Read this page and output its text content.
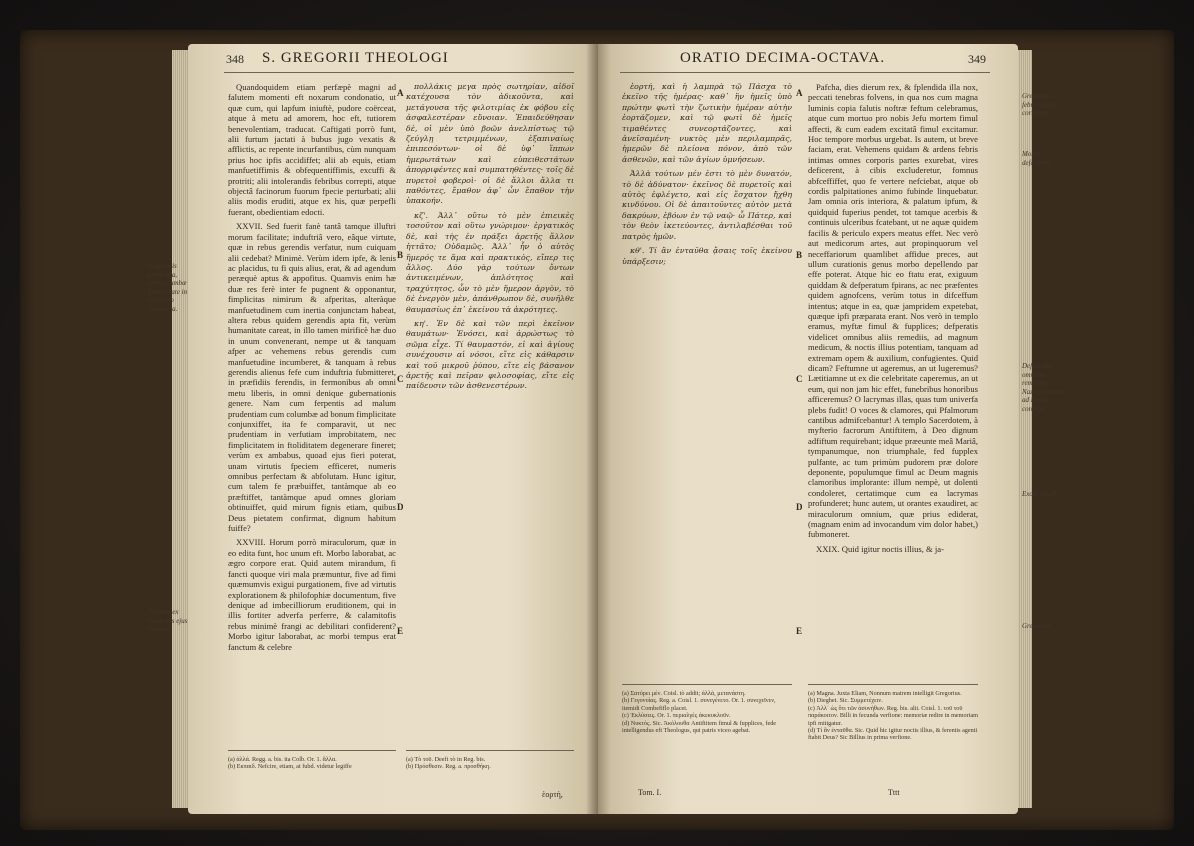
348 S. GREGORII THEOLOGI

Quandoquidem etiam perfæpè magni ad falutem momenti eft noxarum condonatio, ut quæ cum, qui lapfum iniuftè, pudore coërceat, atque à metu ad amorem, hoc eft, tutiorem benevolentiam, traducat. Caftigati porrò funt, alii furtum jactati à bubus jugo vexatis & afflictis, ac repente incurfantibus, cùm nunquam prius hoc ipfis accidiffet; alii ab equis, etiam manfuetiffimis & obfequentiffimis, excuffi & protriti; alii intolerandis febribus correpti, atque objectâ facinorum fuorum fpecie perturbati; alii aliis modis eruditi, atque ex his, quæ perpefli fuerant, obedientiam edocti.

XXVII. Sed fuerit fanè tantâ tamque illuftri morum facilitate; induftriâ vero, eâque virtute, quæ in rebus gerendis verfatur, num cuiquam alii cedebat? Minimè. Verùm idem ipfe, & lenis ac placidus, tu fi quis alius, erat, & ad agendum peræquè aptus & appofitus. Quamvis enim hæ duæ res ferè inter fe pugnent & opponantur, fimplicitas nimirum & afperitas, alteràque manfuetudinem cum inertia conjunctam habeat, altera rebus quidem gerendis apta fit, verùm humanitate careat, in illo tamen mirificè hæ duo in unum convenerant, nempe ut & tanquam afper ac vehemens rebus gerendis cum manfuetudine incumberet, & tanquam à rebus gerendis alienus fefe cum induftria fubmitteret, in præfidiis ferendis, in fermonibus ab omni metu liberis, in omni denique gubernationis genere. Nam cum ferpentis ad malum prudentiam cum columbæ ad bonum fimplicitate conjunxiffet, ita fe comparavit, ut nec prudentiam in verfutiam improbitatem, nec fimplicitatem in ftoliditatem degenerare fineret; verùm ex ambabus, quoad ejus fieri poterat, unam virtutis fpeciem efficeret, numeris omnibus perfectam & abfolutam. Hunc igitur, cum talem fe præbuiffet, tantàmque ab eo præftiffet, tantàmque apud omnes gloriam obtinuiffet, quid mirum fignis etiam, quibus Deus pietatem confirmat, dignum habitum fuiffe?

XXVIII. Horum porrò miraculorum, quæ in eo edita funt, hoc unum eft. Morbo laborabat, ac ægro corpore erat. Quid autem mirandum, fi fancti quoque viri mala præmuntur, five ad fimi quæmumvis exigui purgationem, five ad virtutis explorationem & philofophiæ documentum, five denique ad imbecilliorum eruditionem, qui in illis fortiter adverfa perferre, & calamitofis rebus minimè frangi ac debilitari confiderent? Morbo igitur laborabat, ac morbi tempus erat fanctum & celebre

πολλάκις μεγα πρὸς σωτηρίαν, αἰδοῖ κατέχουσα τὸν ἀδικοῦντα, καὶ μετάγουσα τῆς φιλοτιμίας ἐκ φόβου εἰς ἀσφαλεστέραν εὔνοιαν. Ἐπαιδεύθησαν δὲ, οἱ μὲν ὑπὸ βοῶν ἀνελπίστως τῷ ζεύγλῃ τετριμμένων, ἐξαπιναίως ἐπιπεσόντων· οἱ δὲ ὑφ᾽ ἵππων ἡμερωτάτων καὶ εὐπειθεστάτων ἀπορριφέντες καὶ συμπατηθέντες· τοῖς δὲ πυρετοὶ φοβεροὶ· οἱ δὲ ἄλλοι ἄλλα τι παθόντες, ἔμαθον ἀφ᾽ ὧν ἔπαθον τὴν ὑπακοήν.

κζ'. Ἀλλ᾽ οὕτω τὸ μὲν ἐπιεικὲς τοσοῦτον καὶ οὕτω γνώριμον· ἐργατικὸς δὲ, καὶ τὴς ἐν πράξει ἀρετῆς ἄλλον ἡττᾶτο; Οὐδαμῶς. Ἀλλ᾽ ἦν ὁ αὐτὸς ἥμερός τε ἅμα καὶ πρακτικὸς, εἴπερ τις ἄλλος. Δύο γὰρ τούτων ὄντων ἀντικειμένων, ἁπλότητος καὶ τραχύτητος, ὧν τὸ μὲν ἥμερον ἀργὸν, τὸ δὲ ἐνεργὸν μὲν, ἀπάνθρωπον δὲ, συνῆλθε θαυμασίως ἐπ᾽ ἐκείνου τὰ ἀκρότητες.

κη'. Ἐν δὲ καὶ τῶν περὶ ἐκεῖνον θαυμάτων· Ἐνόσει, καὶ ἀρρώστως τὸ σῶμα εἶχε. Τί θαυμαστόν, εἰ καὶ ἁγίους συνέχουσιν αἱ νόσοι, εἴτε εἰς κάθαρσιν καὶ τοῦ μικροῦ ῥύπου, εἴτε εἰς βάσανον ἀρετῆς καὶ πεῖραν φιλοσοφίας, εἴτε εἰς παίδευσιν τῶν ἀσθενεστέρων.

A
B
C
D
E
(a) ἀλλά. Regg. a. bis. ita Colb. Or. 1. ἄλλα.
(b) Εκπαιδ. Nefcire, etiam, at fubd. videtur legiffe
(a) Τὸ τοῦ. Deeft τὸ in Reg. bis.
(b) Πρόσθεσιν. Reg. a. προσθήκη.
ἑορτή,
Singularis prudentia, cum columbæ fimplicitate in Gregorio conjuncta.
Primum ex miraculis ejus insignis.
ORATIO DECIMA-OCTAVA.	349

ἑορτή, καὶ ἡ λαμπρὰ τῷ Πάσχα τὸ ἐκεῖνο τῆς ἡμέρας· καθ᾽ ἣν ἡμεῖς ὑπὸ πρώτην φωτὶ τὴν ζωτικὴν ἡμέραν αὐτὴν ἑορτάζομεν, καὶ τῷ φωτὶ δὲ ἡμεῖς τιμαθέντες συνεορτάζοντες, καὶ ἀνεῖσαμένη· νυκτὸς μὲν περιλαμπρᾶς, ἡμερῶν δὲ πλείονα πόνον, ἀπὸ τῶν ἀσθενῶν, καὶ τῶν ἁγίων ὑμνήσεων.

Ἀλλὰ τούτων μέν ἐστι τὸ μὲν δυνατόν, τὸ δὲ ἀδύνατον· ἐκεῖνος δὲ πυρετοῖς καὶ αὐτὸς ἐφλέγετο, καὶ εἰς ἔσχατον ἤχθη κινδύνου. Οἱ δὲ ἀπαιτοῦντες αὐτὸν μετὰ δακρύων, ἐβόων ἐν τῷ ναῷ· ὦ Πάτερ, καὶ τὸν θεὸν ἱκετεύοντες, ἀντιλαβέσθαι τοῦ πατρὸς ἡμῶν.

κθ'. Τί ἂν ἐνταῦθα ᾄσαις τοῖς ἐκείνου ὑπάρξεσιν;

Pafcha, dies dierum rex, & fplendida illa nox, peccati tenebras folvens, in qua nos cum magna luminis copia falutis noftræ feftum celebramus, atque cum mortuo pro nobis Jefu mortem fimul affecti, & cum eadem excitatâ fimul excitamur. Hoc tempore morbus urgebat. Is autem, ut breve faciam, erat. Vehemens quidam & ardens febris intimas omnes corporis partes exurebat, vires deficerent, à cibis excluderetur, fomnus abfceffiffet, quo fe vertere nefciebat, atque ob cordis palpitationes animo fubinde linquebatur. Jam omnia oris interiora, & palatum ipfum, & quidquid fuperius pendet, tot tamque acerbis & continuis ulceribus fcatebant, ut ne aquæ quidem facilis & periculo expers meatus effet. Nec verò aut medicorum artes, aut propinquorum vel neceffariorum quamlibet affidue preces, aut ullum curationis genus morbo depellendo par effe poterat. Atque hic eo ftatu erat, exiguum quiddam & defperatum fpirans, ac nec præfentes quidem agnofcens, verùm totus in difceffum intentus; atque in ea, quæ jampridem expetebat, quæque ipfi præparata erant. Nos verò in templo eramus, myftæ fimul & fupplices; defperatis videlicet omnibus aliis remediis, ad magnum medicum, & noctis illius potentiam, tanquam ad extremam opem & auxilium, confugientes. Quid dicam? Feftumne ut ageremus, an ut lugeremus? Lætitiamne ut ex die celebritate caperemus, an ut eum, qui non jam hic effet, funebribus honoribus afficeremus? O lacrymas illas, quas tum univerfa plebs fudit! O voces & clamores, qui Pfalmorum cantibus admifcebantur! A templo Sacerdotem, à myfterio facrorum Antiftitem, à Deo dignum adfiftum requirebant; idque præeunte meâ Mariâ, tympanumque, non triumphale, fed fupplex pulfante, ac tum primùm pudorem præ dolore deponente, populumque fimul ac Deum magnis clamoribus implorante: illum nempè, ut dolenti condoleret, certatimque cum ea lacrymas profunderet; hunc autem, ut orantes exaudiret, ac miraculorum omnium, quæ prius ediderat, (magnam enim ad invocandum vim dolor habet,) fubmoneret.

XXIX. Quid igitur noctis illius, & ja-

A
B
C
D
E
(a) Σατύρει μὲν. Coisl. tò addit; ἀλλὰ, μετανάστη.
(b) Γεγονυὶας. Reg. a. Coisl. 1. συνεγένετο. Or. 1. συνεχεῖνεν, itemidi Combefiflo placet.
(c) Ἐκλύσεις. Or. 1. περιαλγὲς ἀκεκυκλοῦν.
(d) Νυκτός. Sic. Ἀκόλουθα Antiftitem fimul & fupplices, fede intelligendus eft Theologus, qui patris viceo agebat.
(a) Magna. Juxta Eliam, Nonnum matrem intelligit Gregorius.
(b) Dieghet. Sic. Συμμετέχειν.
(c) Ἀλλ᾽ ὡς ὅτι τῶν ἀσυνήθων. Reg. bis. alii. Coisl. 1. τοῦ τοῦ παράκοιτον. Billi in fecunda verfione: memoriæ redire in memoriam ipfi mitigatur.
(d) Τί ἂν ἐνταῦθα. Sic. Quid hic igitur noctis illius, & ferentis agenti ftabit Deus? Sic Billius in prima verfione.
Tom. I.	Tttt
Gregorius febre mortis correptus.
Morbi defcriptio.
Defperatis omnibus remediis, Nazianzenorum ad Deum confugit.
Exodi xv. 20.
Gregorius
